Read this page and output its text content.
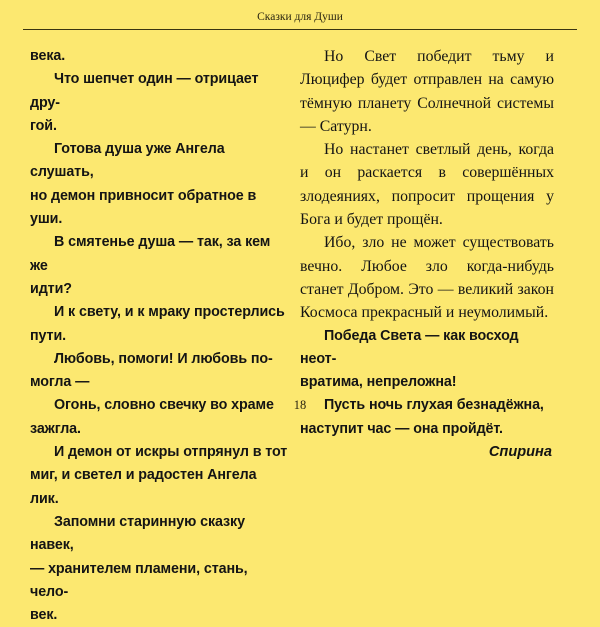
Сказки для Души

века.

Что шепчет один — отрицает дру-

гой.

Готова душа уже Ангела слушать,

но демон привносит обратное в уши.

В смятенье душа — так, за кем же

идти?

И к свету, и к мраку простерлись

пути.

Любовь, помоги! И любовь по-

могла —

Огонь, словно свечку во храме

зажгла.

И демон от искры отпрянул в тот

миг, и светел и радостен Ангела лик.

Запомни старинную сказку навек,

— хранителем пламени, стань, чело-

век.

Но Свет победит тьму и Люцифер будет отправлен на самую тёмную планету Солнечной системы — Сатурн.

Но настанет светлый день, когда и он раскается в совершённых злодеяниях, попросит прощения у Бога и будет прощён.

Ибо, зло не может существовать вечно. Любое зло когда-нибудь станет Добром. Это — великий закон Космоса прекрасный и неумолимый.

Победа Света — как восход неот-

вратима, непреложна!

Пусть ночь глухая безнадёжна,

наступит час — она пройдёт.

Спирина

18
